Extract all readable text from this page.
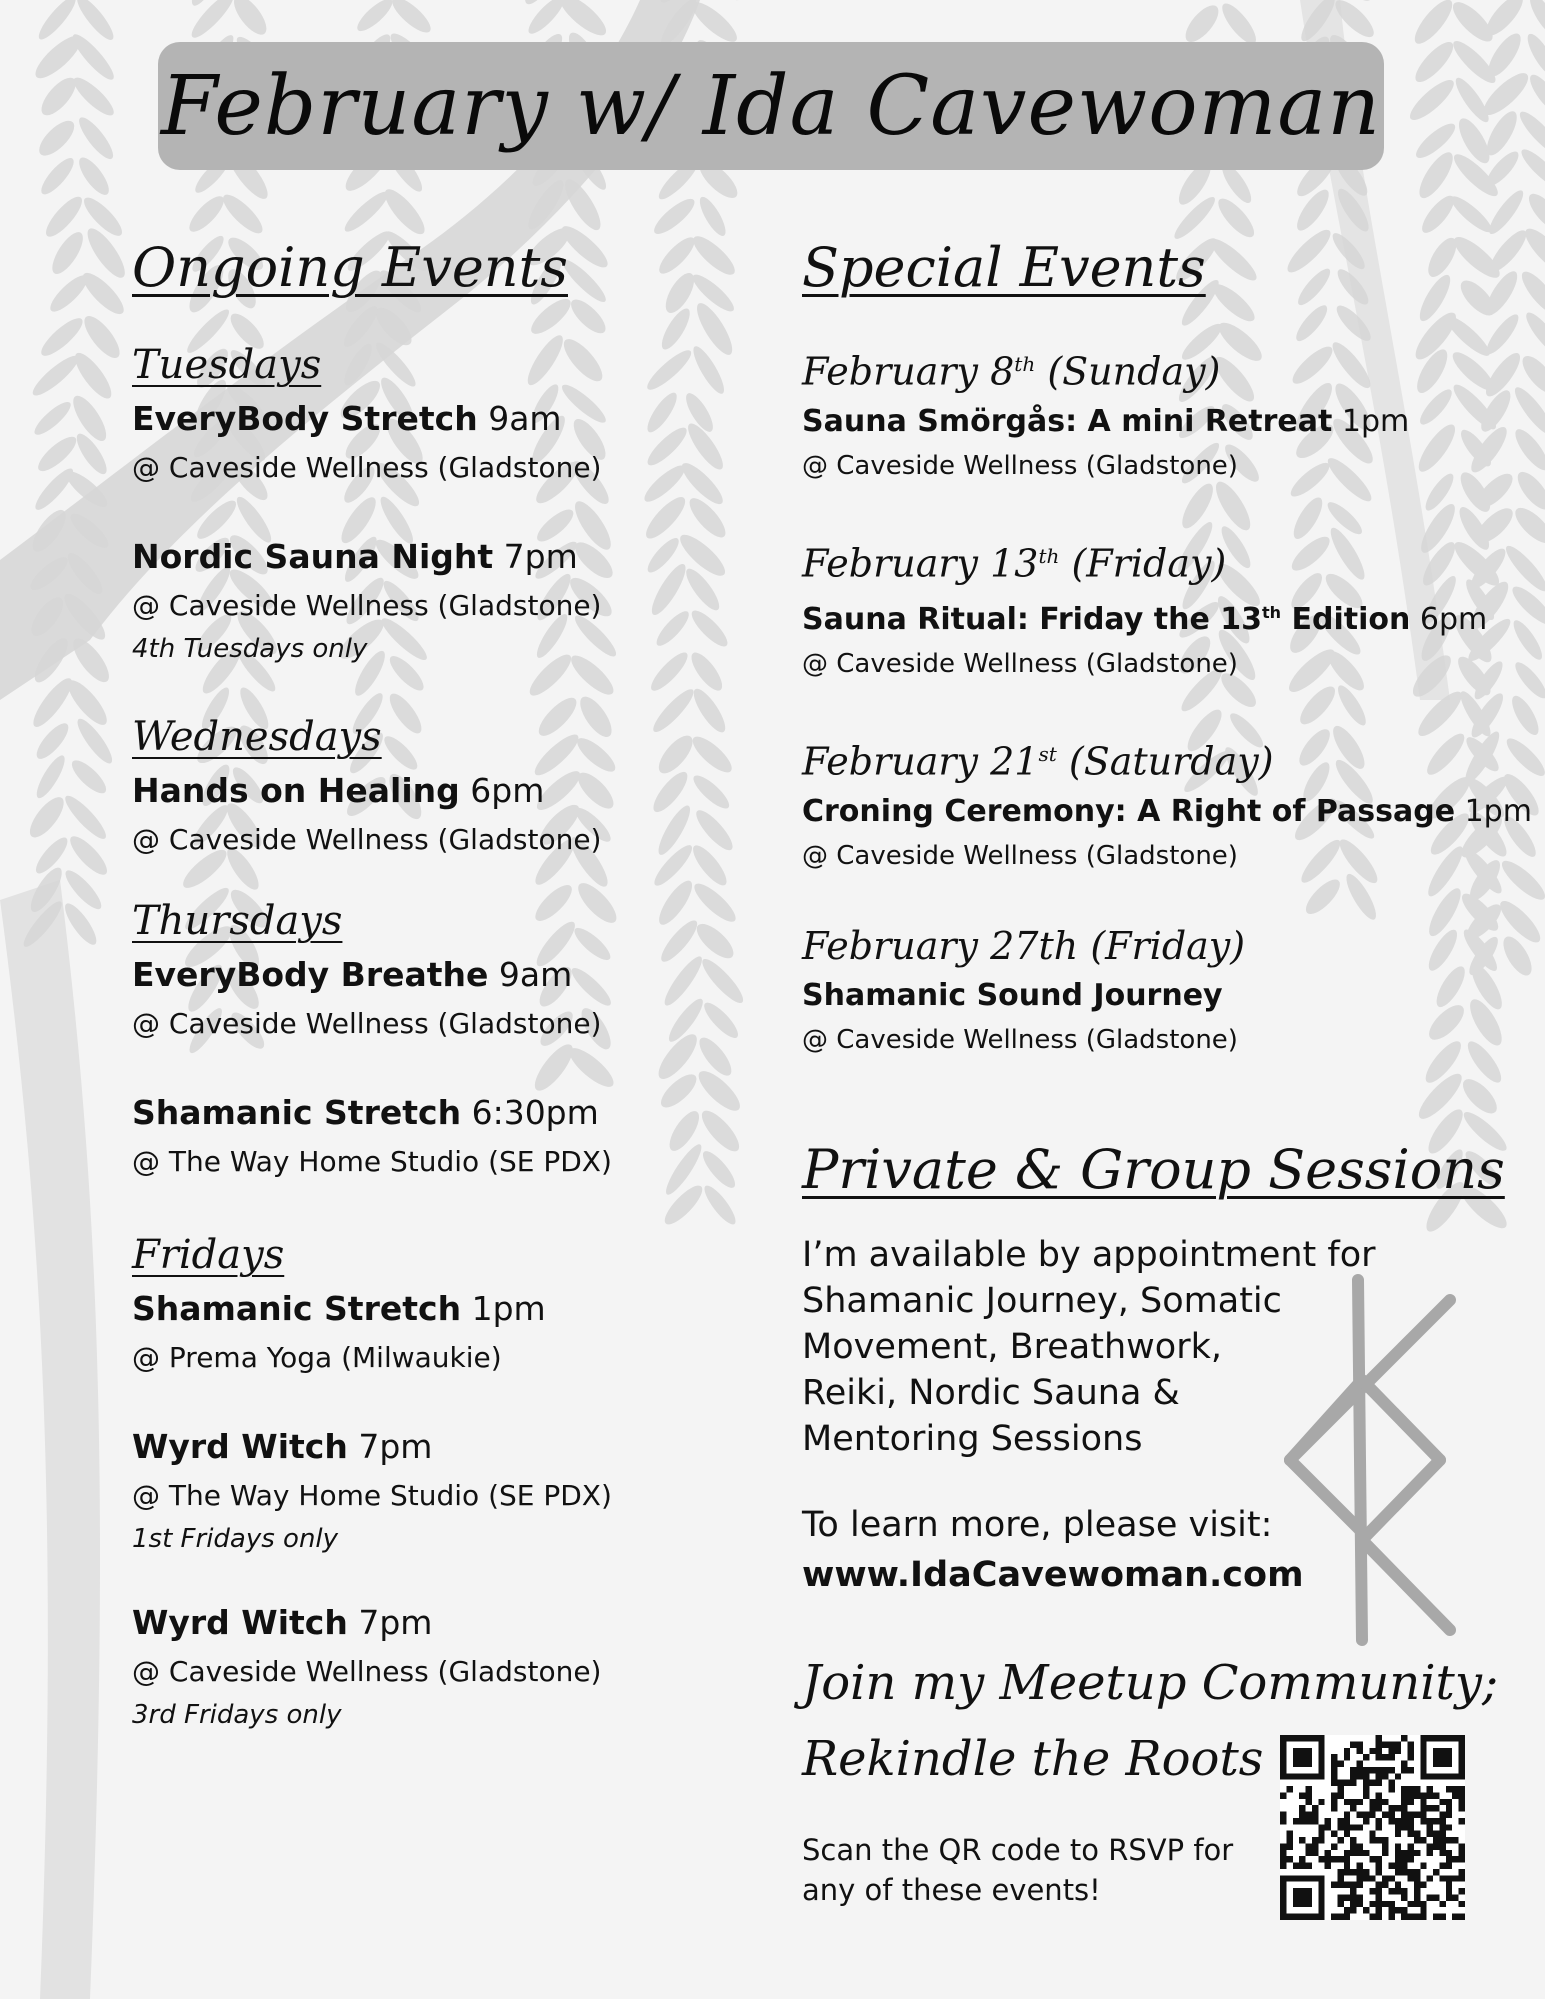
February w/ Ida Cavewoman
Ongoing Events
Tuesdays
EveryBody Stretch 9am
@ Caveside Wellness (Gladstone)
Nordic Sauna Night 7pm
@ Caveside Wellness (Gladstone)
4th Tuesdays only
Wednesdays
Hands on Healing 6pm
@ Caveside Wellness (Gladstone)
Thursdays
EveryBody Breathe 9am
@ Caveside Wellness (Gladstone)
Shamanic Stretch 6:30pm
@ The Way Home Studio (SE PDX)
Fridays
Shamanic Stretch 1pm
@ Prema Yoga (Milwaukie)
Wyrd Witch 7pm
@ The Way Home Studio (SE PDX)
1st Fridays only
Wyrd Witch 7pm
@ Caveside Wellness (Gladstone)
3rd Fridays only
Special Events
February 8th (Sunday)
Sauna Smörgås: A mini Retreat 1pm
@ Caveside Wellness (Gladstone)
February 13th (Friday)
Sauna Ritual: Friday the 13th Edition 6pm
@ Caveside Wellness (Gladstone)
February 21st (Saturday)
Croning Ceremony: A Right of Passage 1pm
@ Caveside Wellness (Gladstone)
February 27th (Friday)
Shamanic Sound Journey
@ Caveside Wellness (Gladstone)
Private & Group Sessions
I’m available by appointment for
Shamanic Journey, Somatic
Movement, Breathwork,
Reiki, Nordic Sauna &
Mentoring Sessions
To learn more, please visit:
www.IdaCavewoman.com
Join my Meetup Community;
Rekindle the Roots
Scan the QR code to RSVP for any of these events!
